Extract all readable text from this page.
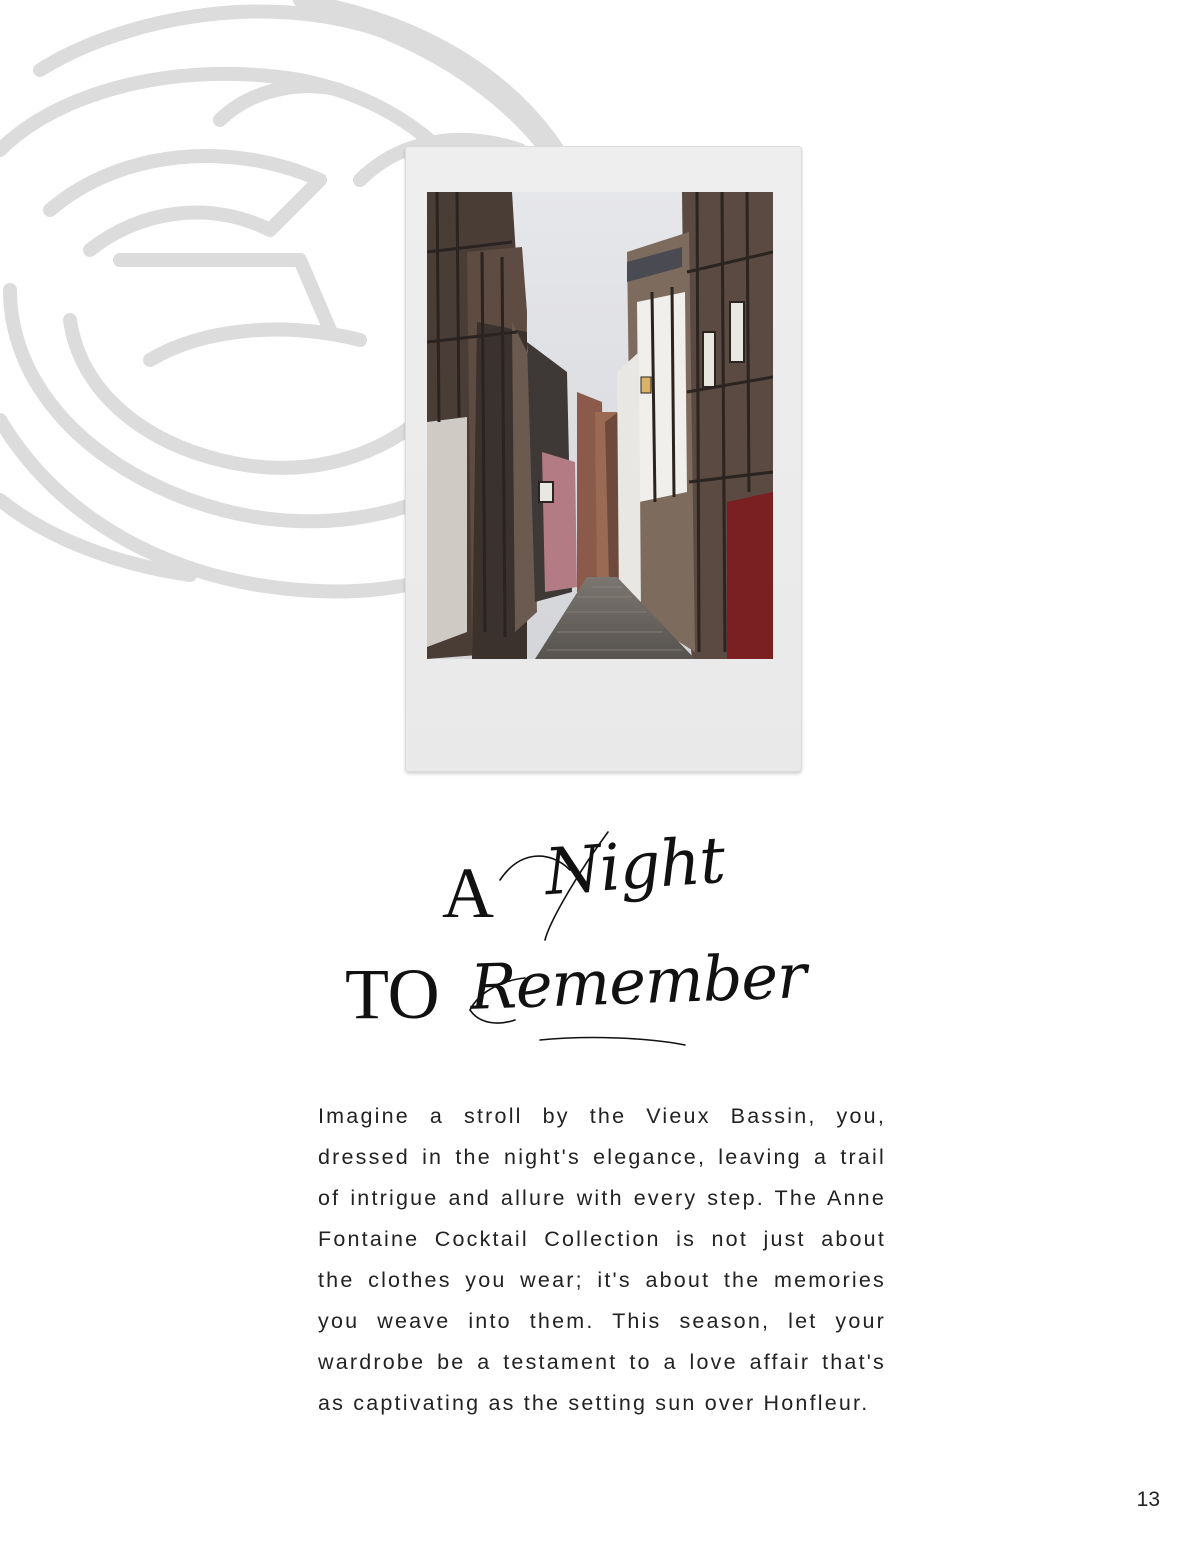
A Night
TO Remember

Imagine a stroll by the Vieux Bassin, you, dressed in the night's elegance, leaving a trail of intrigue and allure with every step. The Anne Fontaine Cocktail Collection is not just about the clothes you wear; it's about the memories you weave into them. This season, let your wardrobe be a testament to a love affair that's as captivating as the setting sun over Honfleur.

13
